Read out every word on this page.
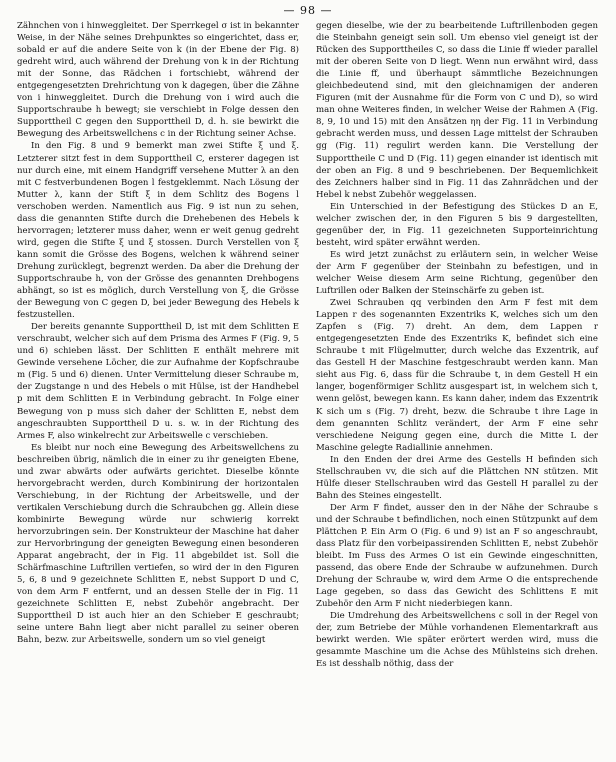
— 98 —

Zähnchen von i hinweggleitet. Der Sperrkegel σ ist in bekannter Weise, in der Nähe seines Drehpunktes so eingerichtet, dass er, sobald er auf die andere Seite von k (in der Ebene der Fig. 8) gedreht wird, auch während der Drehung von k in der Richtung mit der Sonne, das Rädchen i fortschiebt, während der entgegengesetzten Drehrichtung von k dagegen, über die Zähne von i hinweggleitet. Durch die Drehung von i wird auch die Supportschraube h bewegt; sie verschiebt in Folge dessen den Supporttheil C gegen den Supporttheil D, d. h. sie bewirkt die Bewegung des Arbeitswellchens c in der Richtung seiner Achse.

In den Fig. 8 und 9 bemerkt man zwei Stifte ξ und ξ. Letzterer sitzt fest in dem Supporttheil C, ersterer dagegen ist nur durch eine, mit einem Handgriff versehene Mutter λ an den mit C festverbundenen Bogen l festgeklemmt. Nach Lösung der Mutter λ, kann der Stift ξ in dem Schlitz des Bogens l verschoben werden. Namentlich aus Fig. 9 ist nun zu sehen, dass die genannten Stifte durch die Drehebenen des Hebels k hervorragen; letzterer muss daher, wenn er weit genug gedreht wird, gegen die Stifte ξ und ξ stossen. Durch Verstellen von ξ kann somit die Grösse des Bogens, welchen k während seiner Drehung zurücklegt, begrenzt werden. Da aber die Drehung der Supportschraube h, von der Grösse des genannten Drehbogens abhängt, so ist es möglich, durch Verstellung von ξ, die Grösse der Bewegung von C gegen D, bei jeder Bewegung des Hebels k festzustellen.

Der bereits genannte Supporttheil D, ist mit dem Schlitten E verschraubt, welcher sich auf dem Prisma des Armes F (Fig. 9, 5 und 6) schieben lässt. Der Schlitten E enthält mehrere mit Gewinde versehene Löcher, die zur Aufnahme der Kopfschraube m (Fig. 5 und 6) dienen. Unter Vermittelung dieser Schraube m, der Zugstange n und des Hebels o mit Hülse, ist der Handhebel p mit dem Schlitten E in Verbindung gebracht. In Folge einer Bewegung von p muss sich daher der Schlitten E, nebst dem angeschraubten Supporttheil D u. s. w. in der Richtung des Armes F, also winkelrecht zur Arbeitswelle c verschieben.

Es bleibt nur noch eine Bewegung des Arbeitswellchens zu beschreiben übrig, nämlich die in einer zu ihr geneigten Ebene, und zwar abwärts oder aufwärts gerichtet. Dieselbe könnte hervorgebracht werden, durch Kombinirung der horizontalen Verschiebung, in der Richtung der Arbeitswelle, und der vertikalen Verschiebung durch die Schraubchen gg. Allein diese kombinirte Bewegung würde nur schwierig korrekt hervorzubringen sein. Der Konstrukteur der Maschine hat daher zur Hervorbringung der geneigten Bewegung einen besonderen Apparat angebracht, der in Fig. 11 abgebildet ist. Soll die Schärfmaschine Luftrillen vertiefen, so wird der in den Figuren 5, 6, 8 und 9 gezeichnete Schlitten E, nebst Support D und C, von dem Arm F entfernt, und an dessen Stelle der in Fig. 11 gezeichnete Schlitten E, nebst Zubehör angebracht. Der Supporttheil D ist auch hier an den Schieber E geschraubt; seine untere Bahn liegt aber nicht parallel zu seiner oberen Bahn, bezw. zur Arbeitswelle, sondern um so viel geneigt

gegen dieselbe, wie der zu bearbeitende Luftrillenboden gegen die Steinbahn geneigt sein soll. Um ebenso viel geneigt ist der Rücken des Supporttheiles C, so dass die Linie ff wieder parallel mit der oberen Seite von D liegt. Wenn nun erwähnt wird, dass die Linie ff, und überhaupt sämmtliche Bezeichnungen gleichbedeutend sind, mit den gleichnamigen der anderen Figuren (mit der Ausnahme für die Form von C und D), so wird man ohne Weiteres finden, in welcher Weise der Rahmen A (Fig. 8, 9, 10 und 15) mit den Ansätzen ηη der Fig. 11 in Verbindung gebracht werden muss, und dessen Lage mittelst der Schrauben gg (Fig. 11) regulirt werden kann. Die Verstellung der Supporttheile C und D (Fig. 11) gegen einander ist identisch mit der oben an Fig. 8 und 9 beschriebenen. Der Bequemlichkeit des Zeichners halber sind in Fig. 11 das Zahnrädchen und der Hebel k nebst Zubehör weggelassen.

Ein Unterschied in der Befestigung des Stückes D an E, welcher zwischen der, in den Figuren 5 bis 9 dargestellten, gegenüber der, in Fig. 11 gezeichneten Supporteinrichtung besteht, wird später erwähnt werden.

Es wird jetzt zunächst zu erläutern sein, in welcher Weise der Arm F gegenüber der Steinbahn zu befestigen, und in welcher Weise diesem Arm seine Richtung, gegenüber den Luftrillen oder Balken der Steinschärfe zu geben ist.

Zwei Schrauben qq verbinden den Arm F fest mit dem Lappen r des sogenannten Exzentriks K, welches sich um den Zapfen s (Fig. 7) dreht. An dem, dem Lappen r entgegengesetzten Ende des Exzentriks K, befindet sich eine Schraube t mit Flügelmutter, durch welche das Exzentrik, auf das Gestell H der Maschine festgeschraubt werden kann. Man sieht aus Fig. 6, dass für die Schraube t, in dem Gestell H ein langer, bogenförmiger Schlitz ausgespart ist, in welchem sich t, wenn gelöst, bewegen kann. Es kann daher, indem das Exzentrik K sich um s (Fig. 7) dreht, bezw. die Schraube t ihre Lage in dem genannten Schlitz verändert, der Arm F eine sehr verschiedene Neigung gegen eine, durch die Mitte L der Maschine gelegte Radiallinie annehmen.

In den Enden der drei Arme des Gestells H befinden sich Stellschrauben vv, die sich auf die Plättchen NN stützen. Mit Hülfe dieser Stellschrauben wird das Gestell H parallel zu der Bahn des Steines eingestellt.

Der Arm F findet, ausser den in der Nähe der Schraube s und der Schraube t befindlichen, noch einen Stützpunkt auf dem Plättchen P. Ein Arm O (Fig. 6 und 9) ist an F so angeschraubt, dass Platz für den vorbeipassirenden Schlitten E, nebst Zubehör bleibt. Im Fuss des Armes O ist ein Gewinde eingeschnitten, passend, das obere Ende der Schraube w aufzunehmen. Durch Drehung der Schraube w, wird dem Arme O die entsprechende Lage gegeben, so dass das Gewicht des Schlittens E mit Zubehör den Arm F nicht niederbiegen kann.

Die Umdrehung des Arbeitswellchens c soll in der Regel von der, zum Betriebe der Mühle vorhandenen Elementarkraft aus bewirkt werden. Wie später erörtert werden wird, muss die gesammte Maschine um die Achse des Mühlsteins sich drehen. Es ist desshalb nöthig, dass der
